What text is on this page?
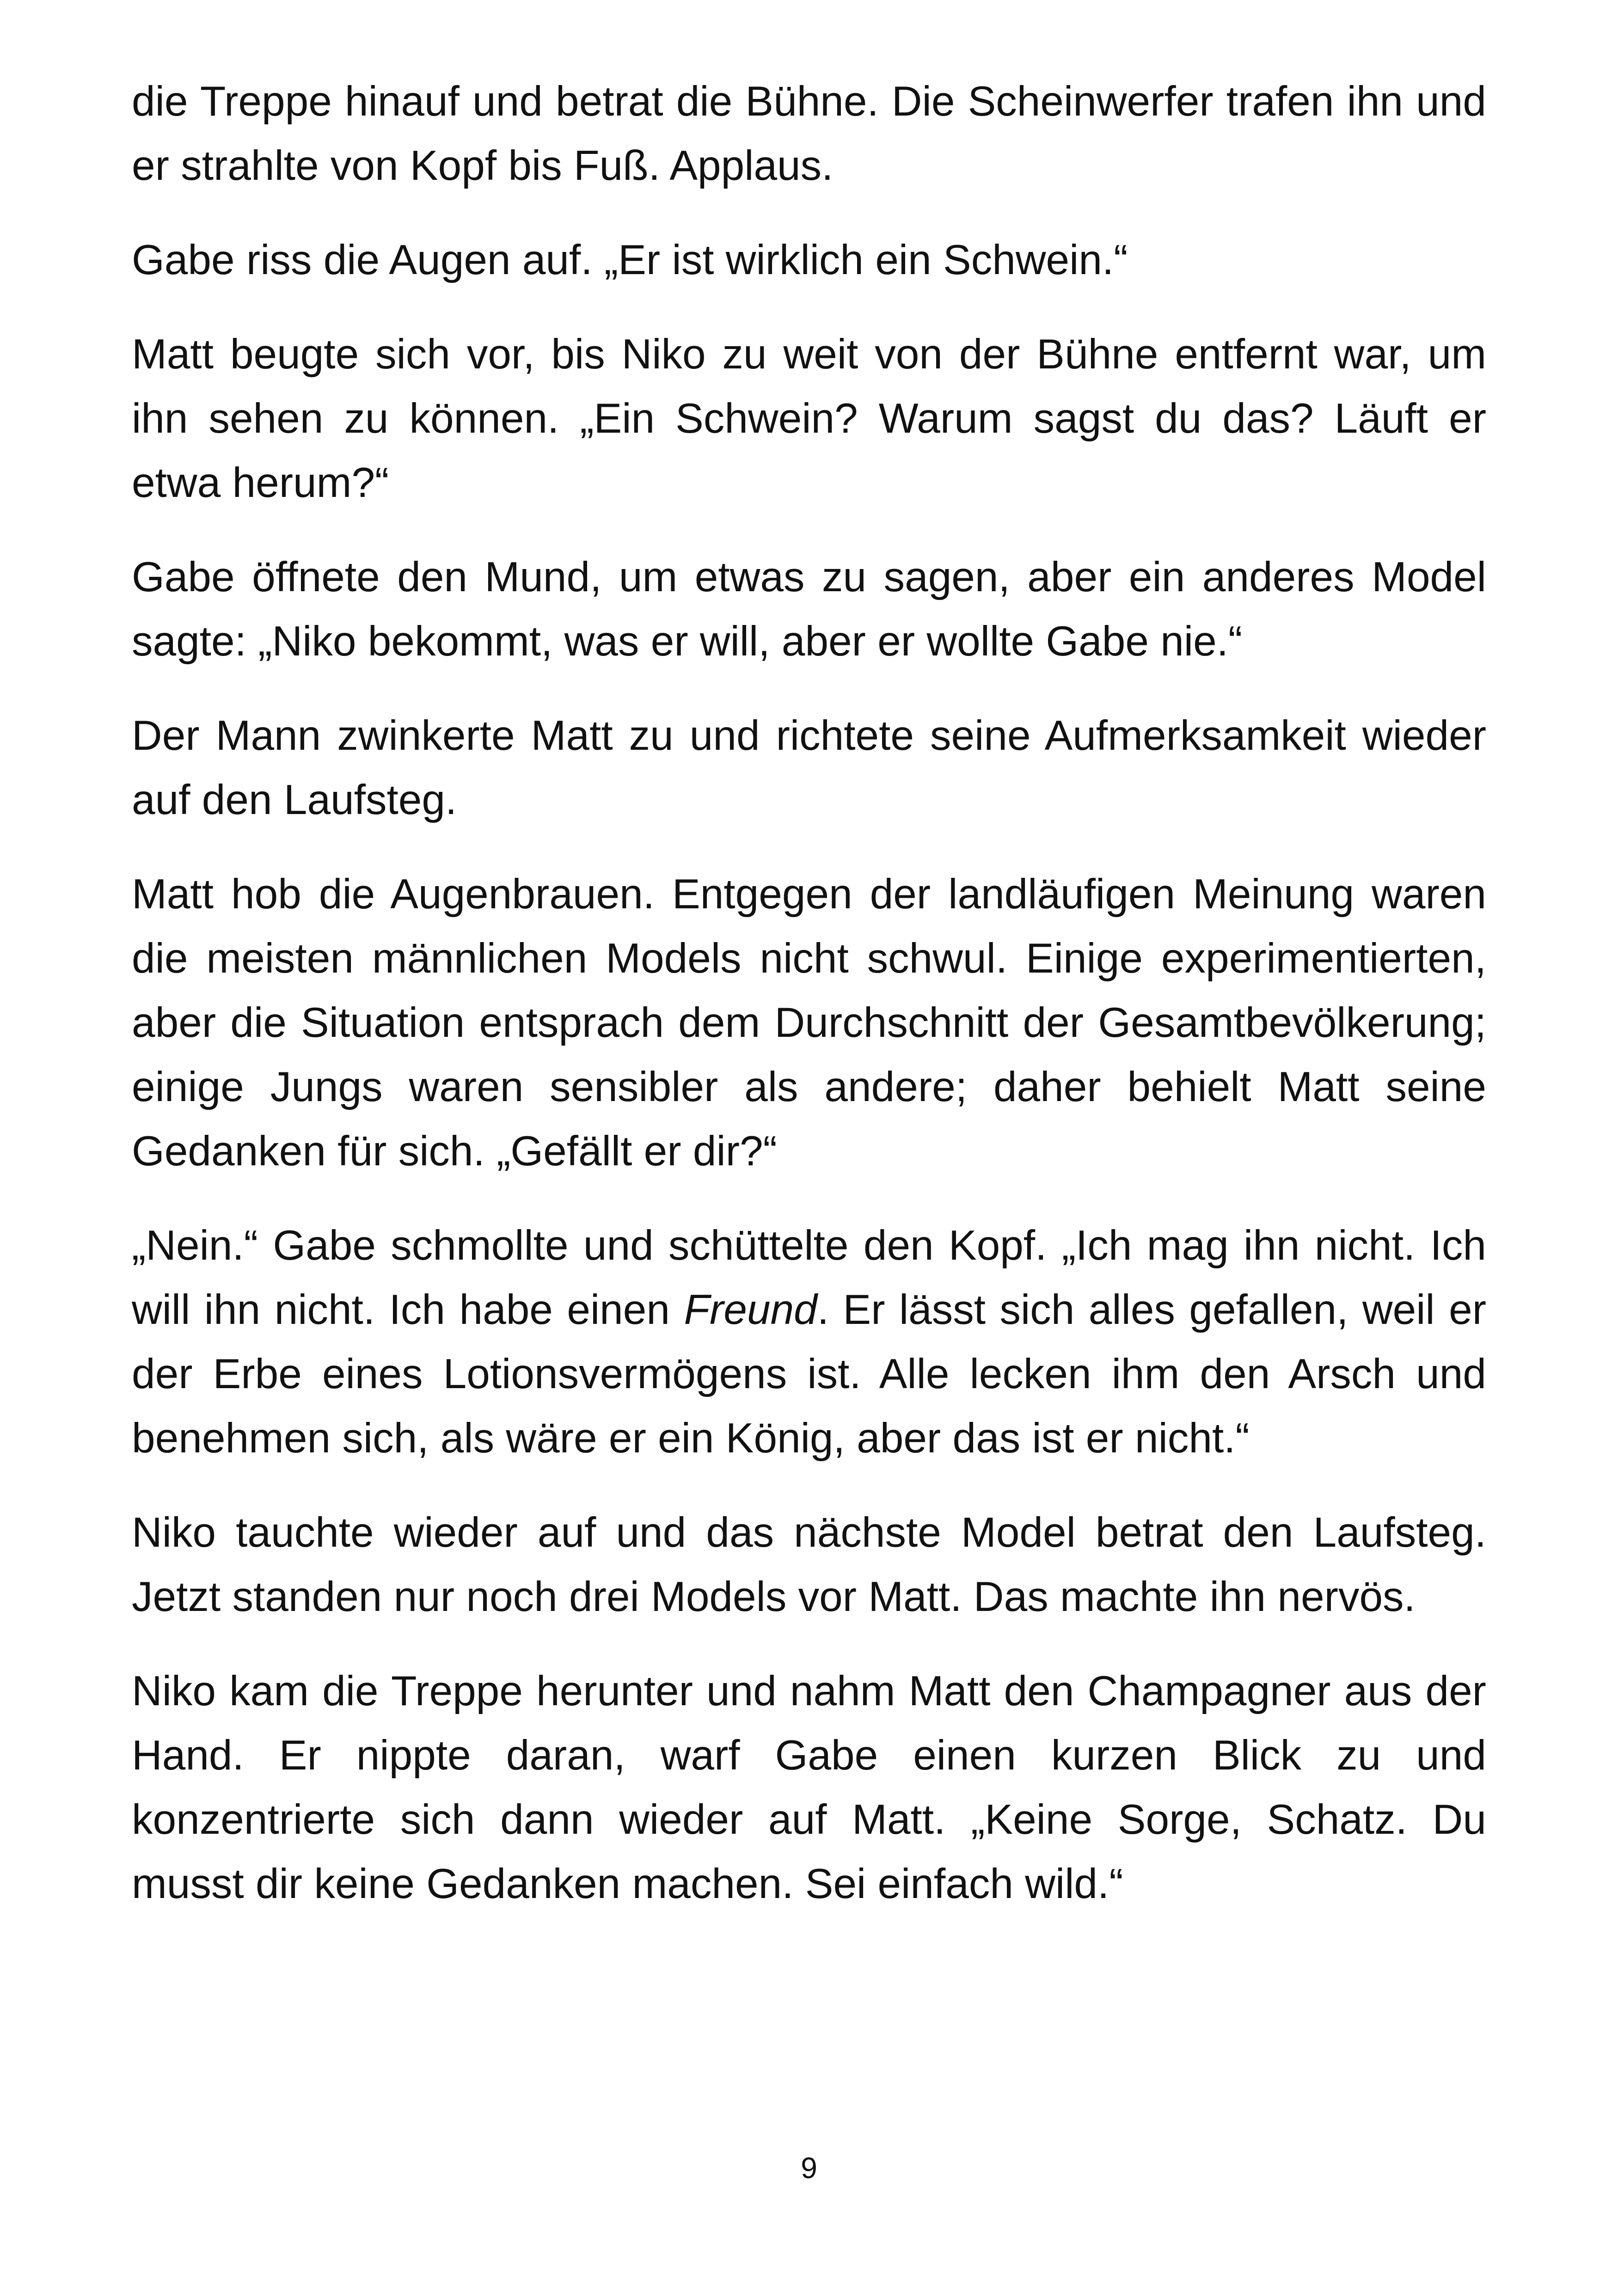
die Treppe hinauf und betrat die Bühne. Die Scheinwerfer trafen ihn und er strahlte von Kopf bis Fuß. Applaus.

Gabe riss die Augen auf. „Er ist wirklich ein Schwein.“

Matt beugte sich vor, bis Niko zu weit von der Bühne entfernt war, um ihn sehen zu können. „Ein Schwein? Warum sagst du das? Läuft er etwa herum?“

Gabe öffnete den Mund, um etwas zu sagen, aber ein anderes Model sagte: „Niko bekommt, was er will, aber er wollte Gabe nie.“

Der Mann zwinkerte Matt zu und richtete seine Aufmerksamkeit wieder auf den Laufsteg.

Matt hob die Augenbrauen. Entgegen der landläufigen Meinung waren die meisten männlichen Models nicht schwul. Einige experimentierten, aber die Situation entsprach dem Durchschnitt der Gesamtbevölkerung; einige Jungs waren sensibler als andere; daher behielt Matt seine Gedanken für sich. „Gefällt er dir?“

„Nein.“ Gabe schmollte und schüttelte den Kopf. „Ich mag ihn nicht. Ich will ihn nicht. Ich habe einen Freund. Er lässt sich alles gefallen, weil er der Erbe eines Lotionsvermögens ist. Alle lecken ihm den Arsch und benehmen sich, als wäre er ein König, aber das ist er nicht.“

Niko tauchte wieder auf und das nächste Model betrat den Laufsteg. Jetzt standen nur noch drei Models vor Matt. Das machte ihn nervös.

Niko kam die Treppe herunter und nahm Matt den Champagner aus der Hand. Er nippte daran, warf Gabe einen kurzen Blick zu und konzentrierte sich dann wieder auf Matt. „Keine Sorge, Schatz. Du musst dir keine Gedanken machen. Sei einfach wild.“

9
